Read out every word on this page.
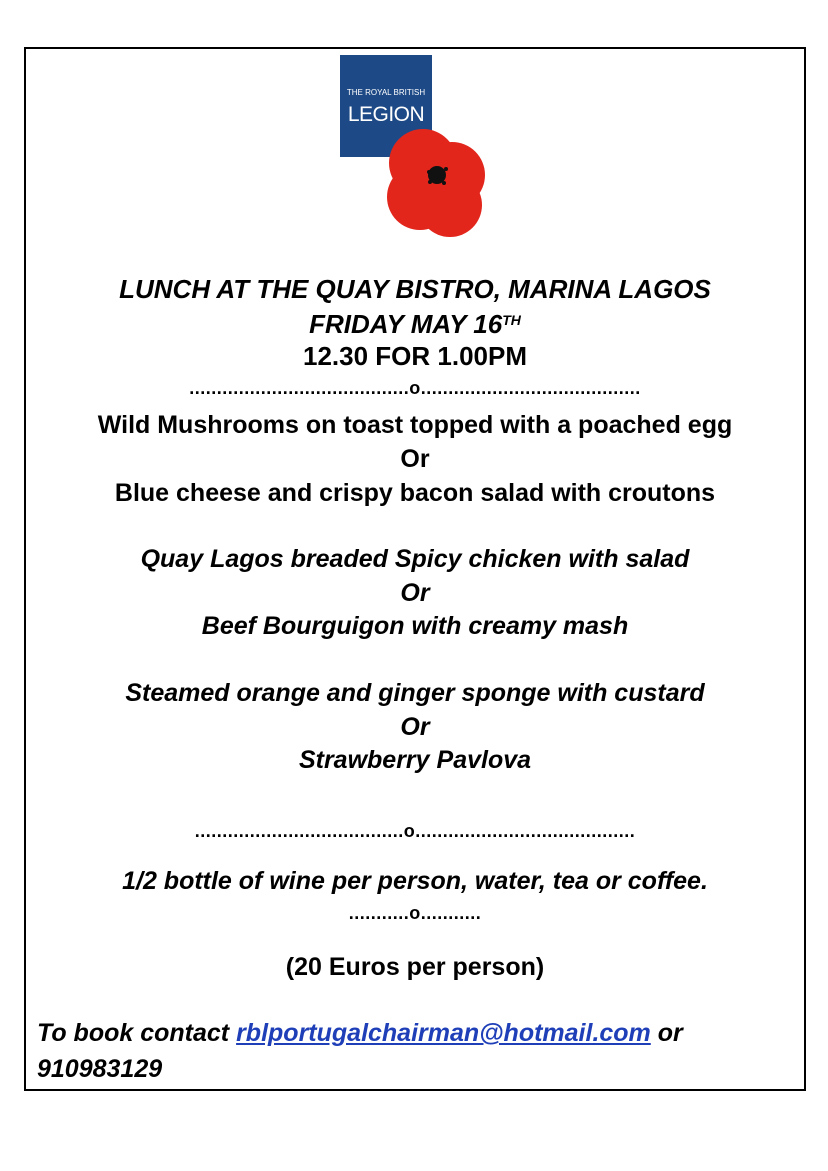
THE ROYAL BRITISH
LEGION
LUNCH AT THE QUAY BISTRO, MARINA LAGOS
FRIDAY MAY 16TH
12.30 FOR 1.00PM
........................................o........................................
Wild Mushrooms on toast topped with a poached egg
Or
Blue cheese and crispy bacon salad with croutons
Quay Lagos breaded Spicy chicken with salad
Or
Beef Bourguigon with creamy mash
Steamed orange and ginger sponge with custard
Or
Strawberry Pavlova
......................................o........................................
1/2 bottle of wine per person, water, tea or coffee.
...........o...........
(20 Euros per person)
To book contact rblportugalchairman@hotmail.com or
910983129
